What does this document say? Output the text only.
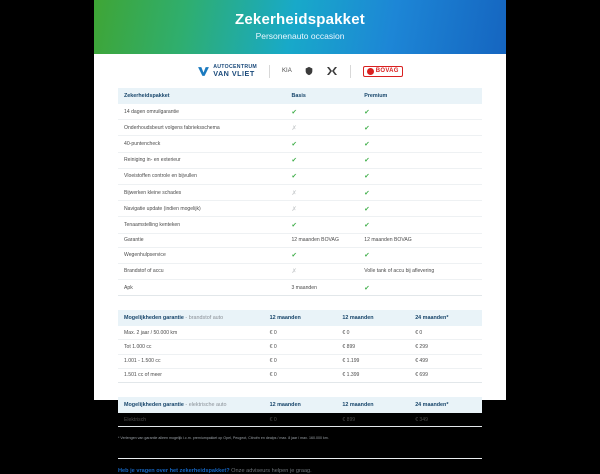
Zekerheidspakket
Personenauto occasion
AUTOCENTRUM
VAN VLIET	KIA	BOVAG
Zekerheidspakket	Basis	Premium
14 dagen omruilgarantie	✔	✔
Onderhoudsbeurt volgens fabrieksschema	✗	✔
40-puntencheck	✔	✔
Reiniging in- en exterieur	✔	✔
Vloeistoffen controle en bijvullen	✔	✔
Bijwerken kleine schades	✗	✔
Navigatie update (indien mogelijk)	✗	✔
Tenaamstelling kenteken	✔	✔
Garantie	12 maanden BOVAG	12 maanden BOVAG
Wegenhulpservice	✔	✔
Brandstof of accu	✗	Volle tank of accu bij aflevering
Apk	3 maanden	✔
Mogelijkheden garantie - brandstof auto	12 maanden	12 maanden	24 maanden*
Max. 2 jaar / 50.000 km	€ 0	€ 0	€ 0
Tot 1.000 cc	€ 0	€ 899	€ 299
1.001 - 1.500 cc	€ 0	€ 1.199	€ 499
1.501 cc of meer	€ 0	€ 1.399	€ 699
Mogelijkheden garantie - elektrische auto	12 maanden	12 maanden	24 maanden*
Elektrisch	€ 0	€ 899	€ 349
* Verlengen van garantie alleen mogelijk i.c.m. premiumpakket op Opel, Peugeot, Citroën en dealps / max. 8 jaar / max. 160.000 km.
Heb je vragen over het zekerheidspakket? Onze adviseurs helpen je graag.
